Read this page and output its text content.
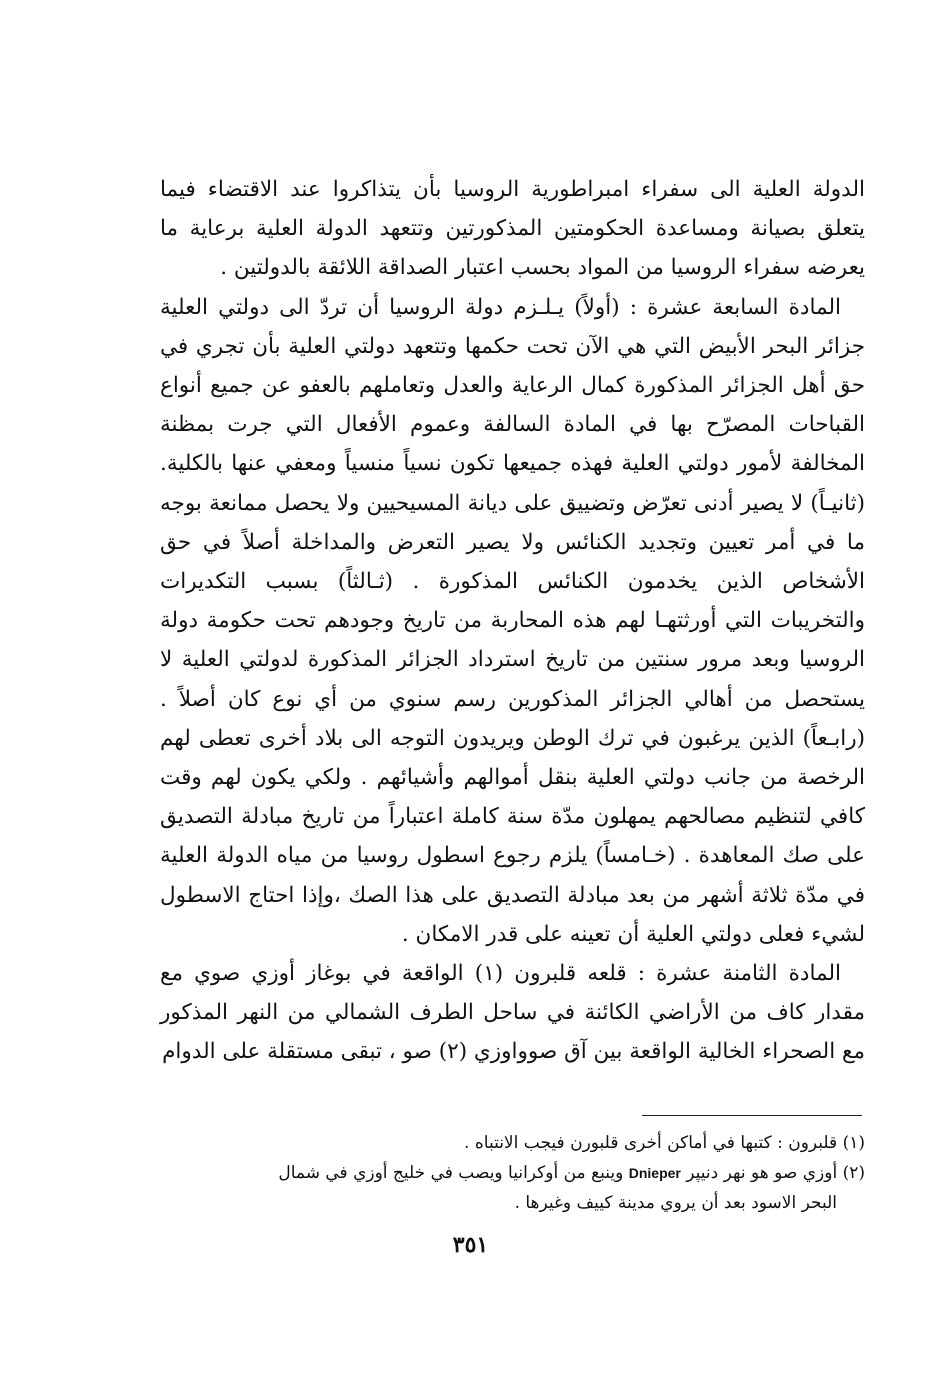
الدولة العلية الى سفراء امبراطورية الروسيا بأن يتذاكروا عند الاقتضاء فيما يتعلق بصيانة ومساعدة الحكومتين المذكورتين وتتعهد الدولة العلية برعاية ما يعرضه سفراء الروسيا من المواد بحسب اعتبار الصداقة اللائقة بالدولتين .

المادة السابعة عشرة : (أولاً) يـلـزم دولة الروسيا أن تردّ الى دولتي العلية جزائر البحر الأبيض التي هي الآن تحت حكمها وتتعهد دولتي العلية بأن تجري في حق أهل الجزائر المذكورة كمال الرعاية والعدل وتعاملهم بالعفو عن جميع أنواع القباحات المصرّح بها في المادة السالفة وعموم الأفعال التي جرت بمظنة المخالفة لأمور دولتي العلية فهذه جميعها تكون نسياً منسياً ومعفي عنها بالكلية. (ثانيـاً) لا يصير أدنى تعرّض وتضييق على ديانة المسيحيين ولا يحصل ممانعة بوجه ما في أمر تعيين وتجديد الكنائس ولا يصير التعرض والمداخلة أصلاً في حق الأشخاص الذين يخدمون الكنائس المذكورة . (ثـالثاً) بسبب التكديرات والتخريبات التي أورثتهـا لهم هذه المحاربة من تاريخ وجودهم تحت حكومة دولة الروسيا وبعد مرور سنتين من تاريخ استرداد الجزائر المذكورة لدولتي العلية لا يستحصل من أهالي الجزائر المذكورين رسم سنوي من أي نوع كان أصلاً . (رابـعاً) الذين يرغبون في ترك الوطن ويريدون التوجه الى بلاد أخرى تعطى لهم الرخصة من جانب دولتي العلية بنقل أموالهم وأشيائهم . ولكي يكون لهم وقت كافي لتنظيم مصالحهم يمهلون مدّة سنة كاملة اعتباراً من تاريخ مبادلة التصديق على صك المعاهدة . (خـامساً) يلزم رجوع اسطول روسيا من مياه الدولة العلية في مدّة ثلاثة أشهر من بعد مبادلة التصديق على هذا الصك ،وإذا احتاج الاسطول لشيء فعلى دولتي العلية أن تعينه على قدر الامكان .

المادة الثامنة عشرة : قلعه قلبرون (١) الواقعة في بوغاز أوزي صوي مع مقدار كاف من الأراضي الكائنة في ساحل الطرف الشمالي من النهر المذكور مع الصحراء الخالية الواقعة بين آق صوواوزي (٢) صو ، تبقى مستقلة على الدوام

(١) قلبرون : كتبها في أماكن أخرى قلبورن فيجب الانتباه .

(٢) أوزي صو هو نهر دنيپر Dnieper وينبع من أوكرانيا ويصب في خليج أوزي في شمال

البحر الاسود بعد أن يروي مدينة كييف وغيرها .

٣٥١
